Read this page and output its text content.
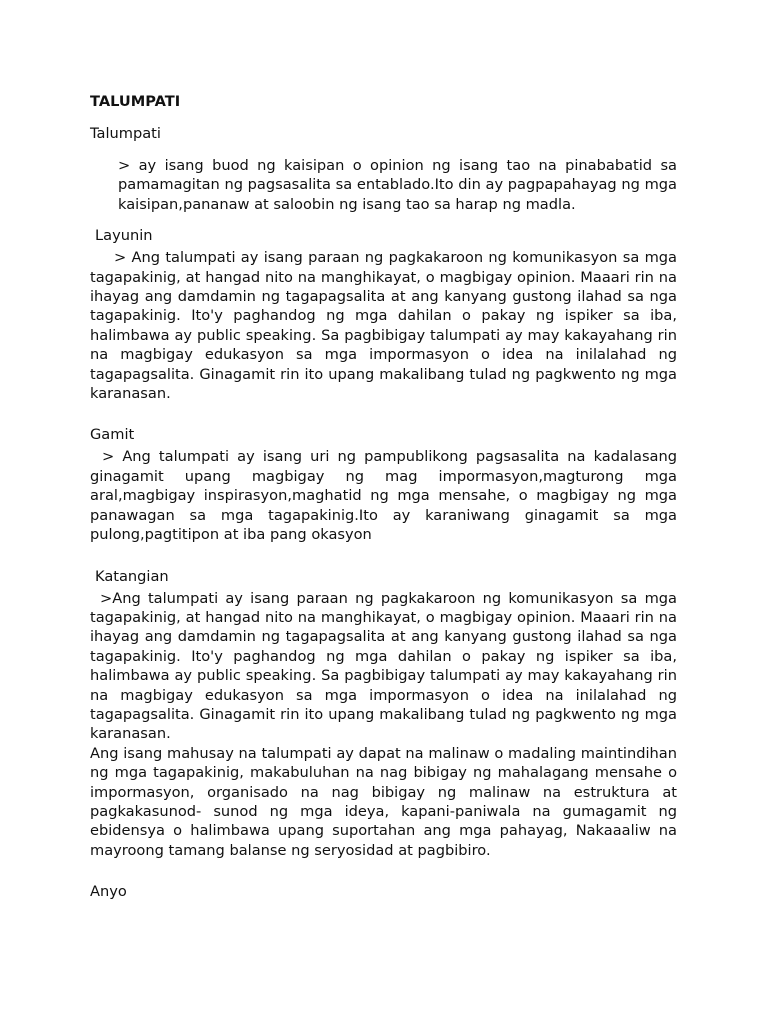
TALUMPATI

Talumpati

> ay isang buod ng kaisipan o opinion ng isang tao na pinababatid sa pamamagitan ng pagsasalita sa entablado.Ito din ay pagpapahayag ng mga kaisipan,pananaw at saloobin ng isang tao sa harap ng madla.

Layunin

> Ang talumpati ay isang paraan ng pagkakaroon ng komunikasyon sa mga tagapakinig, at hangad nito na manghikayat, o magbigay opinion. Maaari rin na ihayag ang damdamin ng tagapagsalita at ang kanyang gustong ilahad sa nga tagapakinig. Ito'y paghandog ng mga dahilan o pakay ng ispiker sa iba, halimbawa ay public speaking. Sa pagbibigay talumpati ay may kakayahang rin na magbigay edukasyon sa mga impormasyon o idea na inilalahad ng tagapagsalita. Ginagamit rin ito upang makalibang tulad ng pagkwento ng mga karanasan.

Gamit

> Ang talumpati ay isang uri ng pampublikong pagsasalita na kadalasang ginagamit upang magbigay ng mag impormasyon,magturong mga aral,magbigay inspirasyon,maghatid ng mga mensahe, o magbigay ng mga panawagan sa mga tagapakinig.Ito ay karaniwang ginagamit sa mga pulong,pagtitipon at iba pang okasyon

Katangian

>Ang talumpati ay isang paraan ng pagkakaroon ng komunikasyon sa mga tagapakinig, at hangad nito na manghikayat, o magbigay opinion. Maaari rin na ihayag ang damdamin ng tagapagsalita at ang kanyang gustong ilahad sa nga tagapakinig. Ito'y paghandog ng mga dahilan o pakay ng ispiker sa iba, halimbawa ay public speaking. Sa pagbibigay talumpati ay may kakayahang rin na magbigay edukasyon sa mga impormasyon o idea na inilalahad ng tagapagsalita. Ginagamit rin ito upang makalibang tulad ng pagkwento ng mga karanasan.

Ang isang mahusay na talumpati ay dapat na malinaw o madaling maintindihan ng mga tagapakinig, makabuluhan na nag bibigay ng mahalagang mensahe o impormasyon, organisado na nag bibigay ng malinaw na estruktura at pagkakasunod- sunod ng mga ideya, kapani-paniwala na gumagamit ng ebidensya o halimbawa upang suportahan ang mga pahayag, Nakaaaliw na mayroong tamang balanse ng seryosidad at pagbibiro.

Anyo
